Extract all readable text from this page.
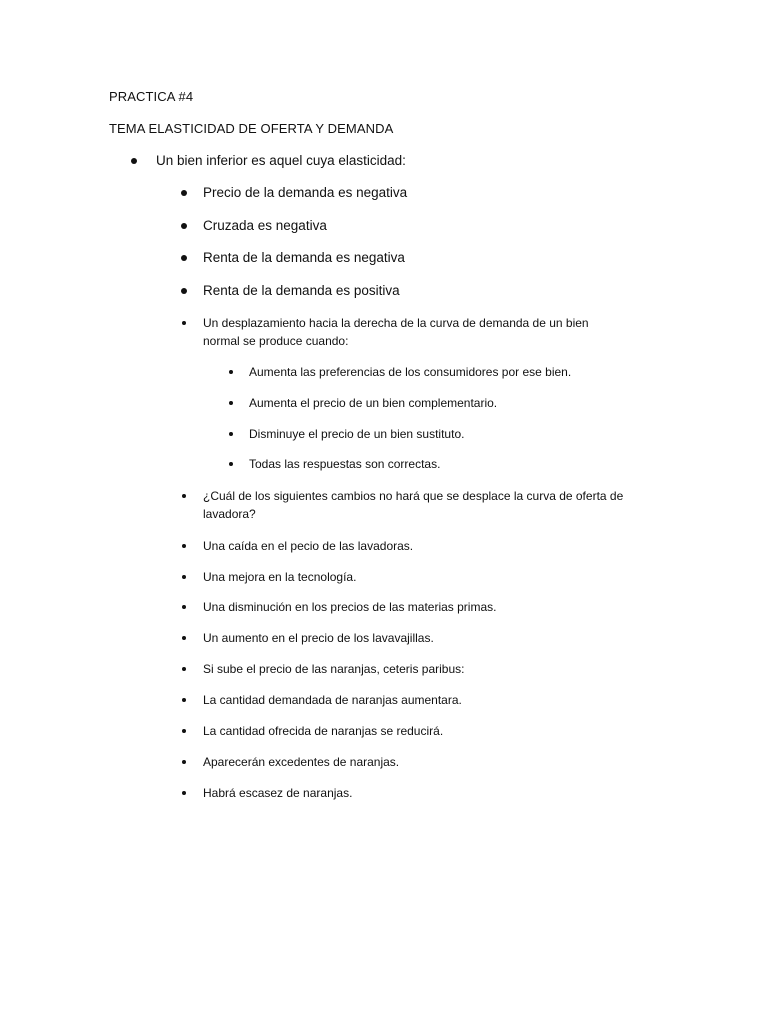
PRACTICA #4
TEMA ELASTICIDAD DE OFERTA Y DEMANDA
Un bien inferior es aquel cuya elasticidad:
Precio de la demanda es negativa
Cruzada es negativa
Renta de la demanda es negativa
Renta de la demanda es positiva
Un desplazamiento hacia la derecha de la curva de demanda de un bien
normal se produce cuando:
Aumenta las preferencias de los consumidores por ese bien.
Aumenta el precio de un bien complementario.
Disminuye el precio de un bien sustituto.
Todas las respuestas son correctas.
¿Cuál de los siguientes cambios no hará que se desplace la curva de oferta de
lavadora?
Una caída en el pecio de las lavadoras.
Una mejora en la tecnología.
Una disminución en los precios de las materias primas.
Un aumento en el precio de los lavavajillas.
Si sube el precio de las naranjas, ceteris paribus:
La cantidad demandada de naranjas aumentara.
La cantidad ofrecida de naranjas se reducirá.
Aparecerán excedentes de naranjas.
Habrá escasez de naranjas.
